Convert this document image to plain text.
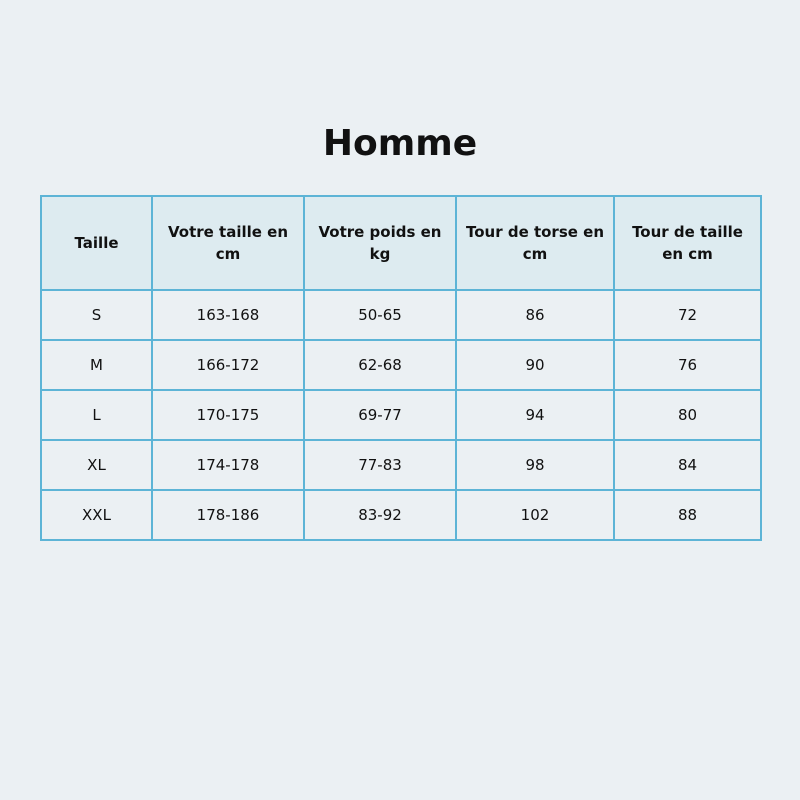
Homme
Taille	Votre taille en cm	Votre poids en kg	Tour de torse en cm	Tour de taille en cm
S	163-168	50-65	86	72
M	166-172	62-68	90	76
L	170-175	69-77	94	80
XL	174-178	77-83	98	84
XXL	178-186	83-92	102	88
